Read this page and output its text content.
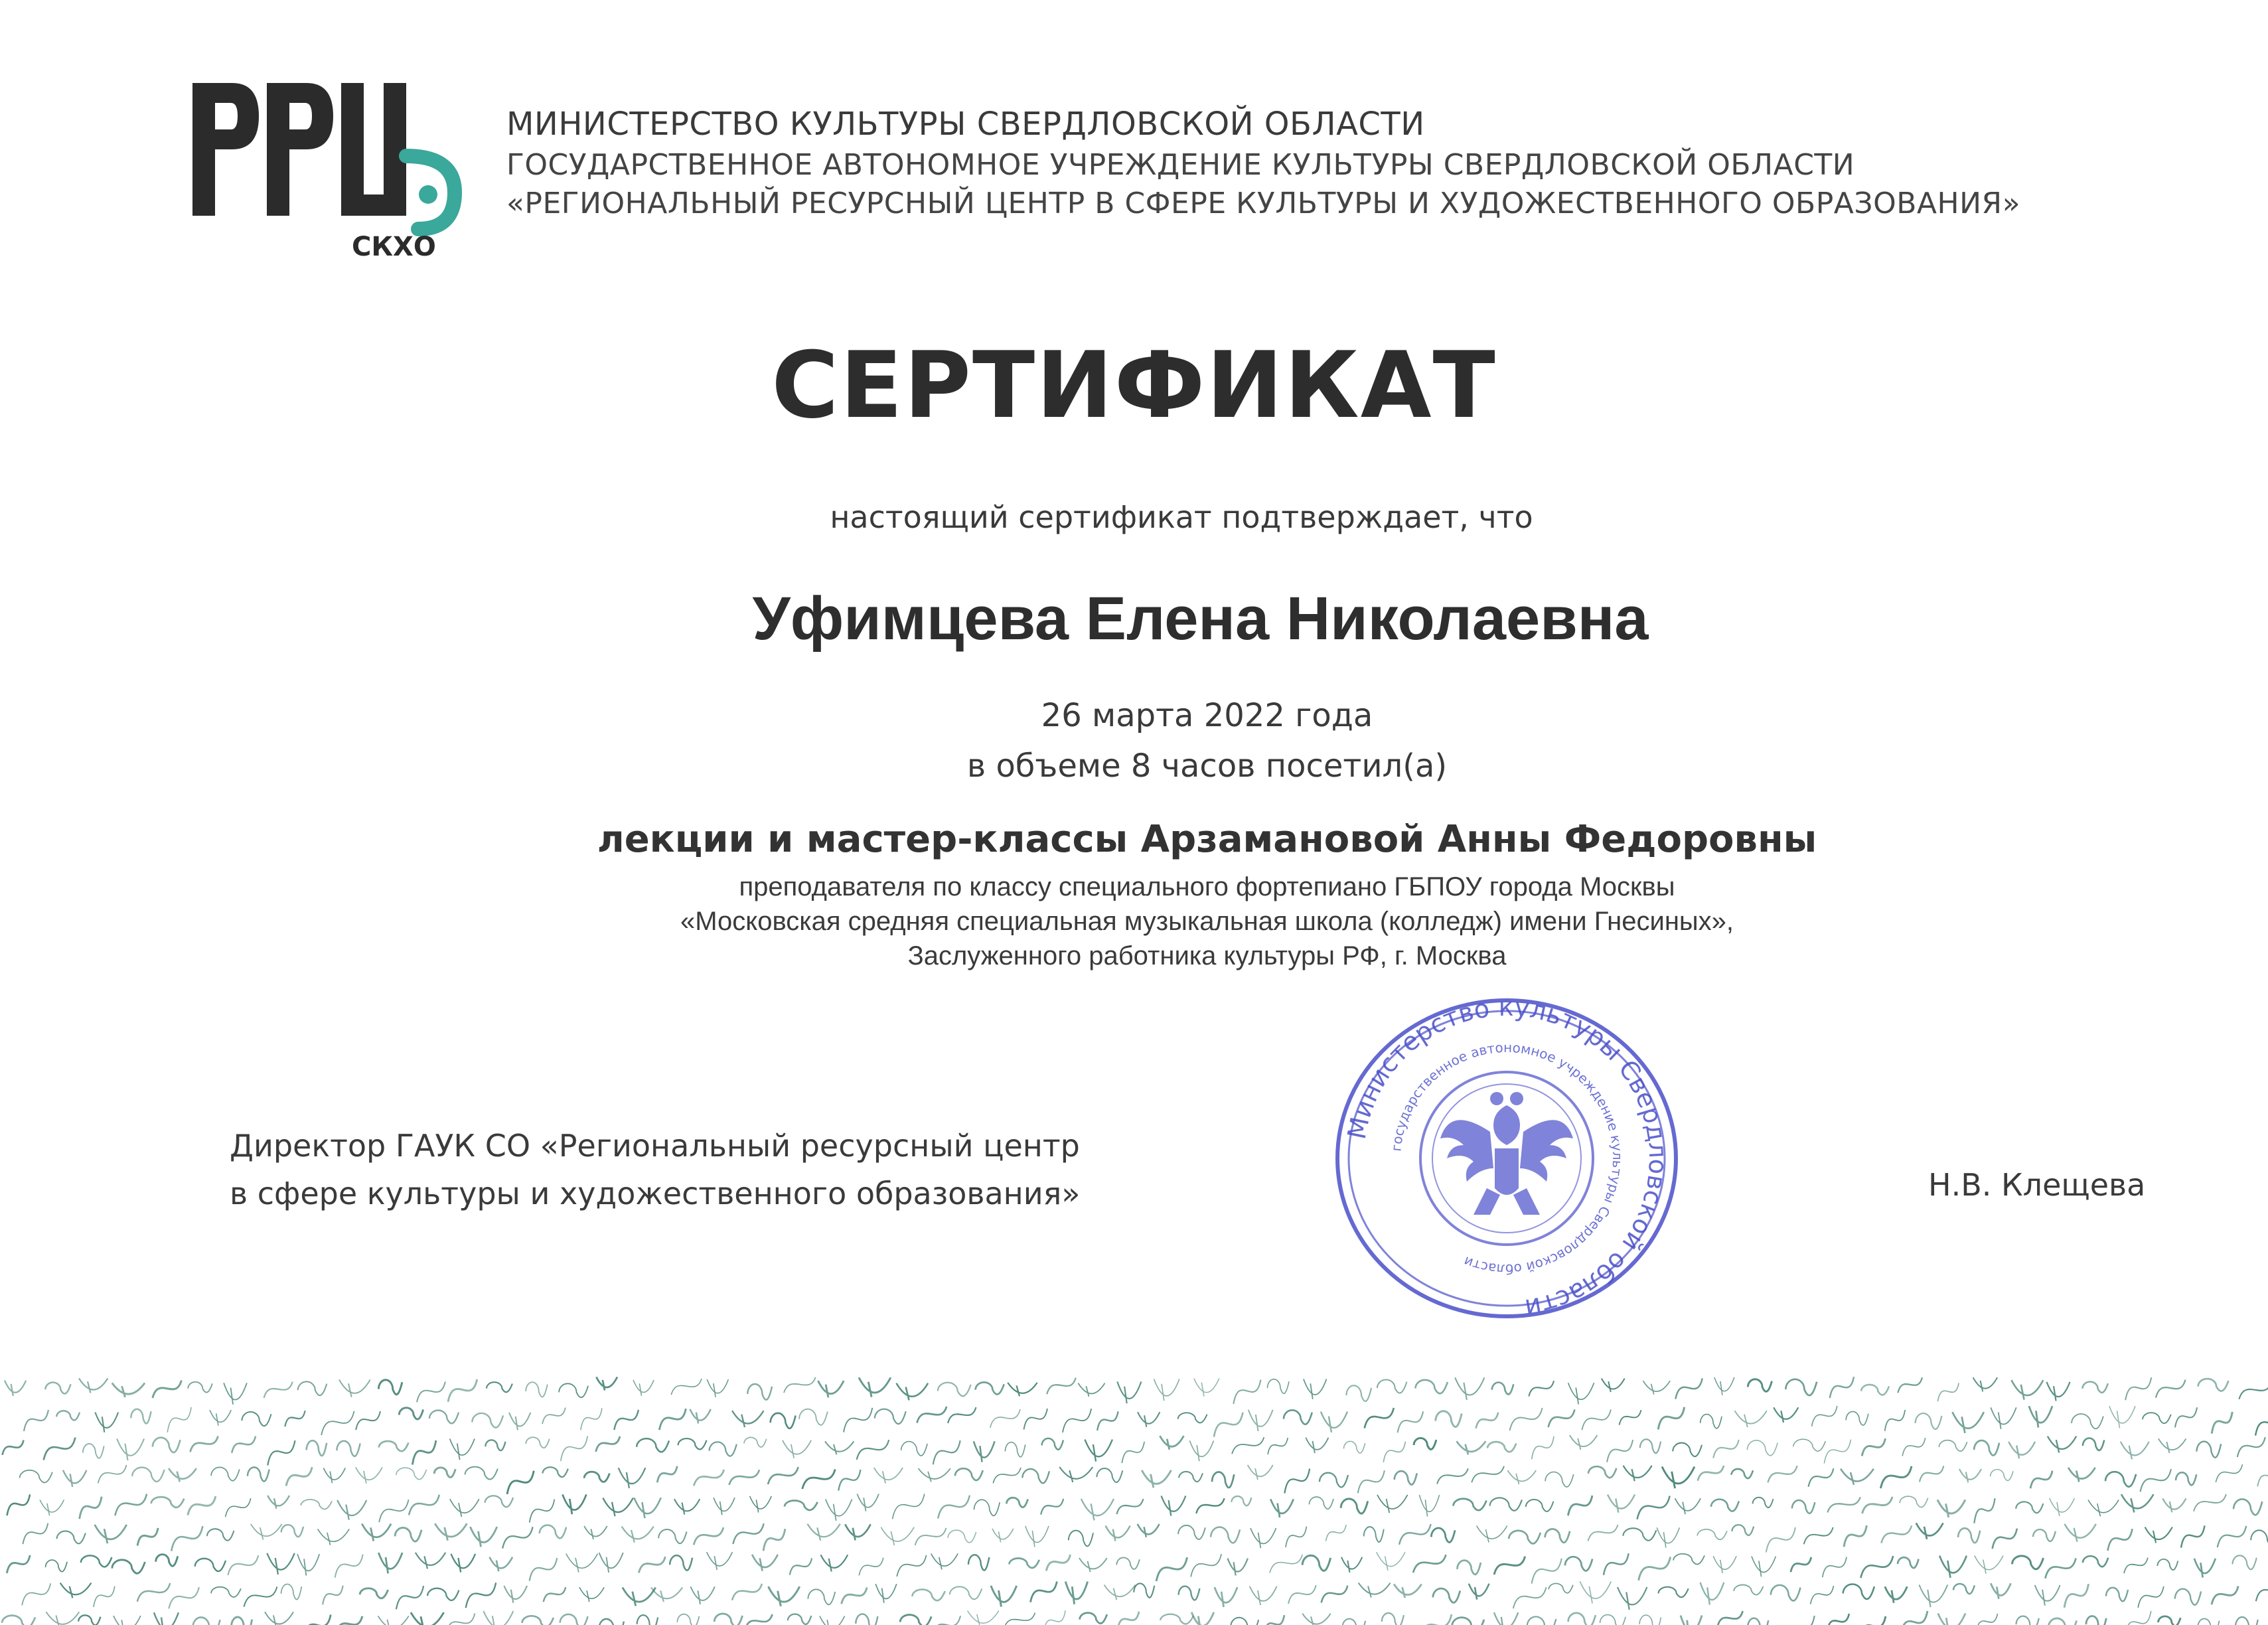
СКХО
МИНИСТЕРСТВО КУЛЬТУРЫ СВЕРДЛОВСКОЙ ОБЛАСТИ
ГОСУДАРСТВЕННОЕ АВТОНОМНОЕ УЧРЕЖДЕНИЕ КУЛЬТУРЫ СВЕРДЛОВСКОЙ ОБЛАСТИ
«РЕГИОНАЛЬНЫЙ РЕСУРСНЫЙ ЦЕНТР В СФЕРЕ КУЛЬТУРЫ И ХУДОЖЕСТВЕННОГО ОБРАЗОВАНИЯ»
СЕРТИФИКАТ
настоящий сертификат подтверждает, что
Уфимцева Елена Николаевна
26 марта 2022 года
в объеме 8 часов посетил(а)
лекции и мастер-классы Арзамановой Анны Федоровны
преподавателя по классу специального фортепиано ГБПОУ города Москвы
«Московская средняя специальная музыкальная школа (колледж) имени Гнесиных»,
Заслуженного работника культуры РФ, г. Москва
Директор ГАУК СО «Региональный ресурсный центр
в сфере культуры и художественного образования»
Министерство культуры Свердловской области
государственное автономное учреждение культуры Свердловской области
Н.В. Клещева
